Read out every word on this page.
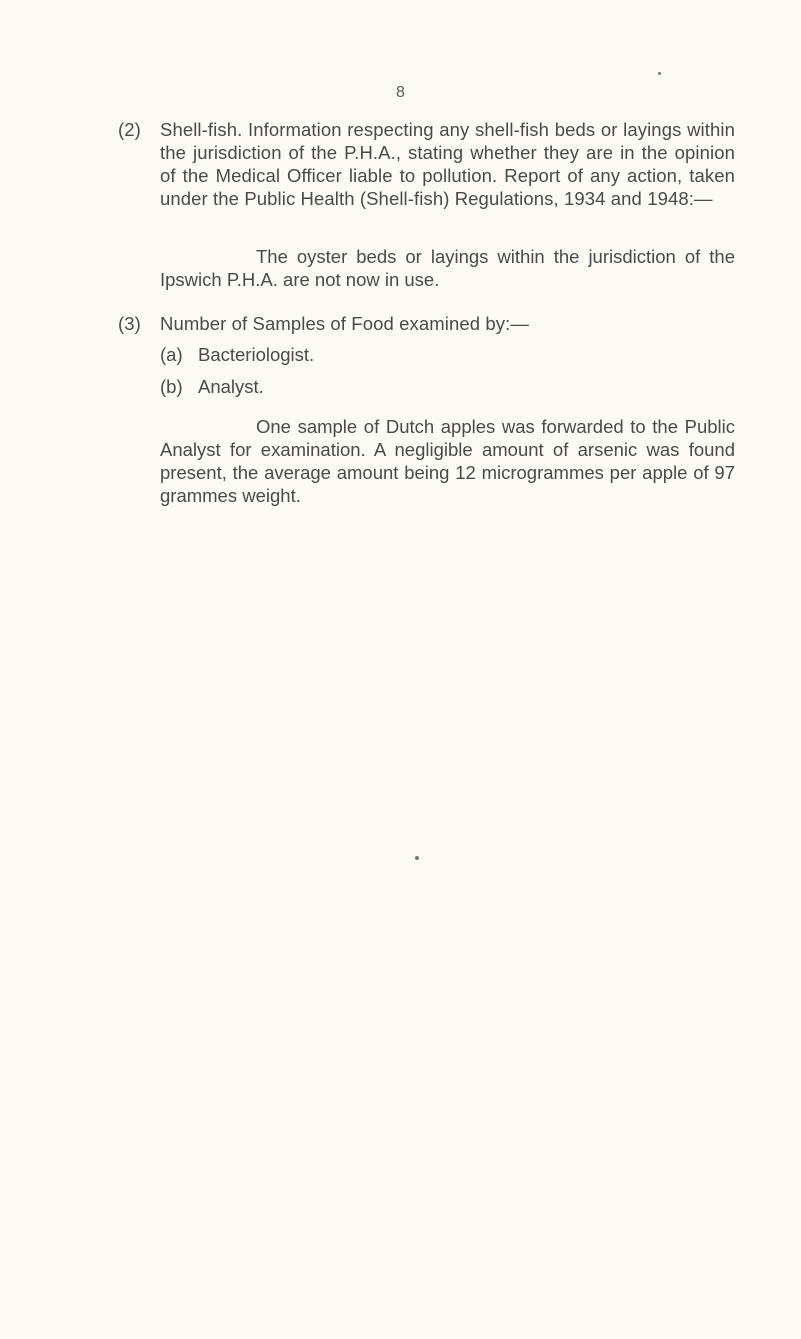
8
(2) Shell-fish. Information respecting any shell-fish beds or layings within the jurisdiction of the P.H.A., stating whether they are in the opinion of the Medical Officer liable to pollution. Report of any action, taken under the Public Health (Shell-fish) Regulations, 1934 and 1948:—
The oyster beds or layings within the jurisdiction of the Ipswich P.H.A. are not now in use.
(3) Number of Samples of Food examined by:—
(a) Bacteriologist.
(b) Analyst.
One sample of Dutch apples was forwarded to the Public Analyst for examination. A negligible amount of arsenic was found present, the average amount being 12 microgrammes per apple of 97 grammes weight.
